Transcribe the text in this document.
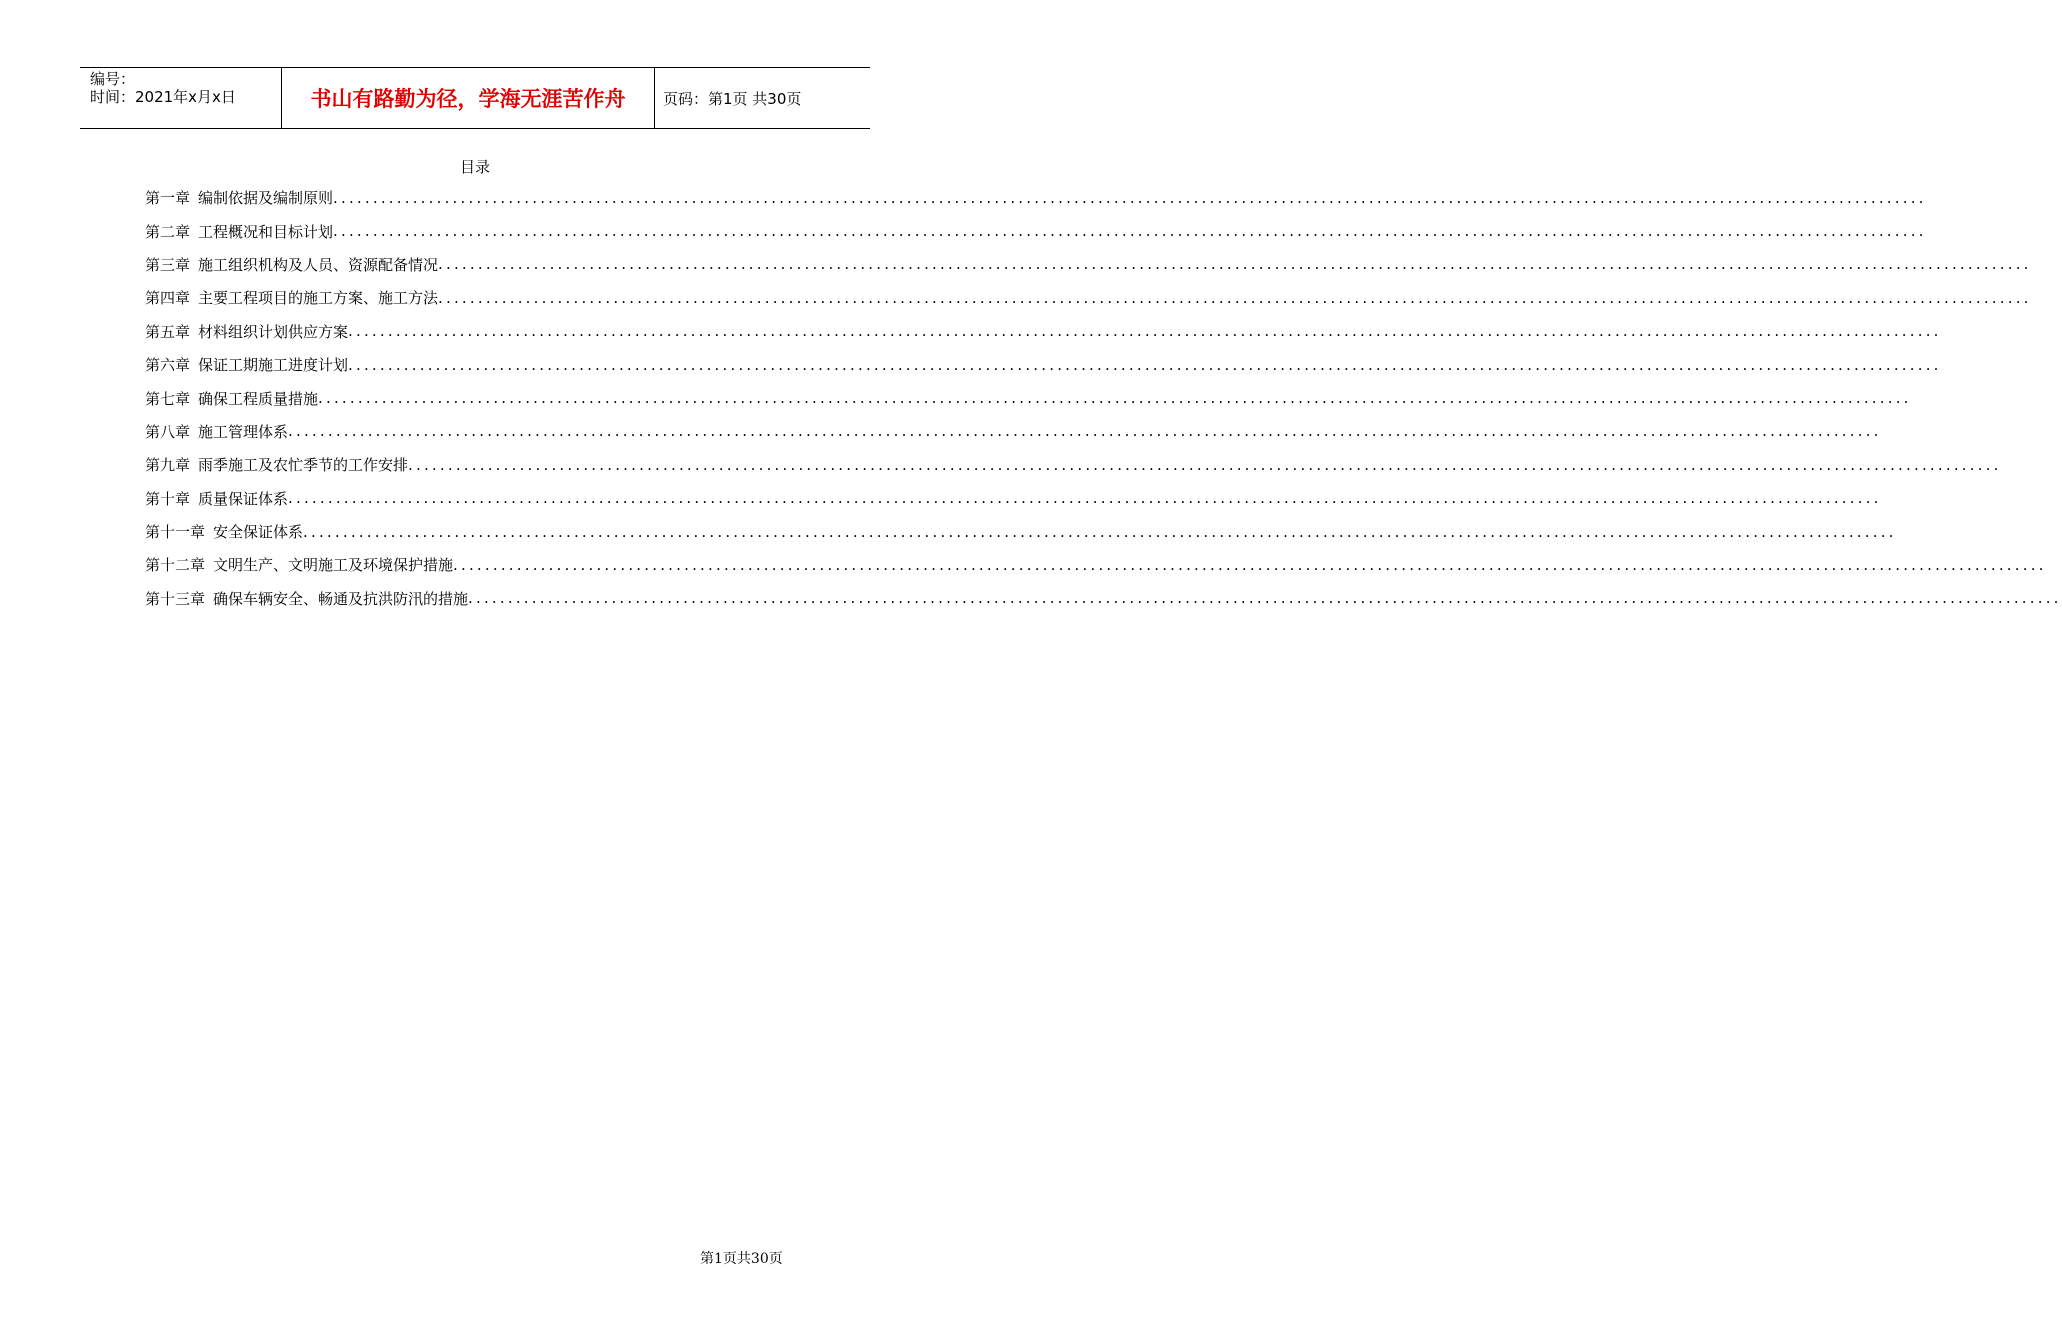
编号：
时间：2021年x月x日	书山有路勤为径，学海无涯苦作舟	页码：第1页 共30页
目录
第一章 编制依据及编制原则 ........................................................................................................................................................................................................
第二章 工程概况和目标计划 ........................................................................................................................................................................................................
第三章 施工组织机构及人员、资源配备情况 ........................................................................................................................................................................................................
第四章 主要工程项目的施工方案、施工方法 ........................................................................................................................................................................................................
第五章 材料组织计划供应方案 ........................................................................................................................................................................................................
第六章 保证工期施工进度计划 ........................................................................................................................................................................................................
第七章 确保工程质量措施 ........................................................................................................................................................................................................
第八章 施工管理体系 ........................................................................................................................................................................................................
第九章 雨季施工及农忙季节的工作安排 ........................................................................................................................................................................................................
第十章 质量保证体系 ........................................................................................................................................................................................................
第十一章 安全保证体系 ........................................................................................................................................................................................................
第十二章 文明生产、文明施工及环境保护措施 ........................................................................................................................................................................................................
第十三章 确保车辆安全、畅通及抗洪防汛的措施 ........................................................................................................................................................................................................
第1页共30页
